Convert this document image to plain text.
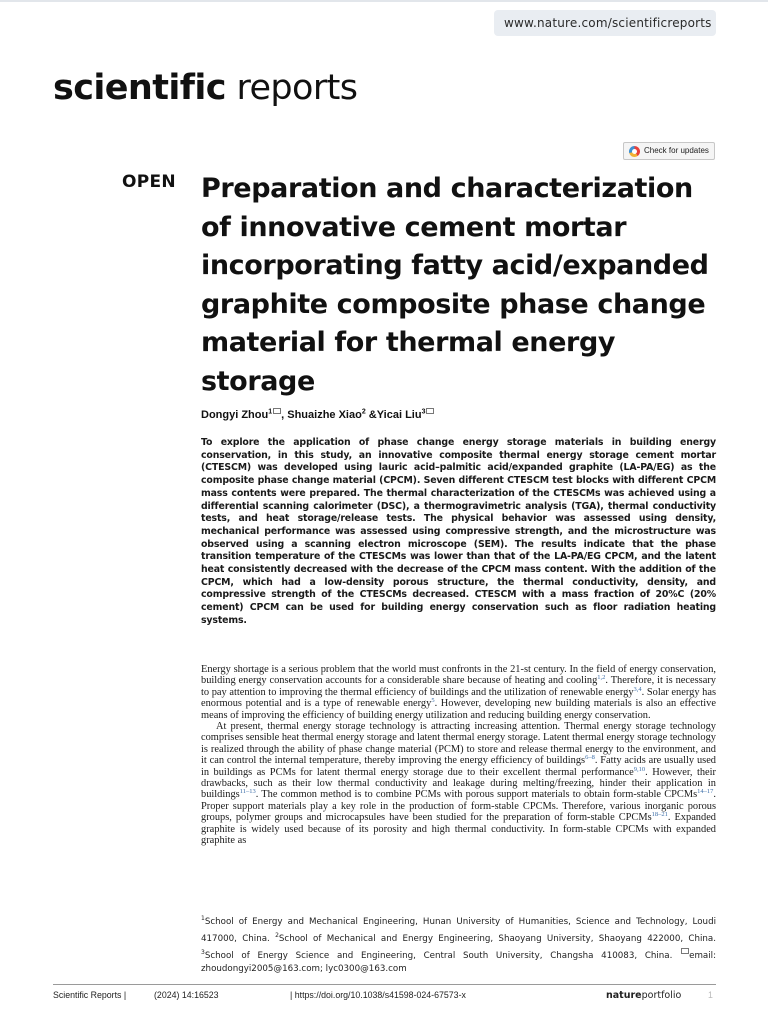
www.nature.com/scientificreports
scientific reports
Check for updates
OPEN Preparation and characterization
of innovative cement mortar
incorporating fatty acid/expanded
graphite composite phase change
material for thermal energy
storage
Dongyi Zhou$^1$ , Shuaizhe Xiao$^2$ &Yicai Liu$^3$
To explore the application of phase change energy storage materials in building energy conservation, in this study, an innovative composite thermal energy storage cement mortar (CTESCM) was developed using lauric acid–palmitic acid/expanded graphite (LA-PA/EG) as the composite phase change material (CPCM). Seven different CTESCM test blocks with different CPCM mass contents were prepared. The thermal characterization of the CTESCMs was achieved using a differential scanning calorimeter (DSC), a thermogravimetric analysis (TGA), thermal conductivity tests, and heat storage/release tests. The physical behavior was assessed using density, mechanical performance was assessed using compressive strength, and the microstructure was observed using a scanning electron microscope (SEM). The results indicate that the phase transition temperature of the CTESCMs was lower than that of the LA-PA/EG CPCM, and the latent heat consistently decreased with the decrease of the CPCM mass content. With the addition of the CPCM, which had a low-density porous structure, the thermal conductivity, density, and compressive strength of the CTESCMs decreased. CTESCM with a mass fraction of 20%C (20% cement) CPCM can be used for building energy conservation such as floor radiation heating systems.

Energy shortage is a serious problem that the world must confronts in the 21-st century. In the field of energy conservation, building energy conservation accounts for a considerable share because of heating and cooling$^{1,2}$. Therefore, it is necessary to pay attention to improving the thermal efficiency of buildings and the utilization of renewable energy$^{3,4}$. Solar energy has enormous potential and is a type of renewable energy$^5$. However, developing new building materials is also an effective means of improving the efficiency of building energy utilization and reducing building energy conservation.

At present, thermal energy storage technology is attracting increasing attention. Thermal energy storage technology comprises sensible heat thermal energy storage and latent thermal energy storage. Latent thermal energy storage technology is realized through the ability of phase change material (PCM) to store and release thermal energy to the environment, and it can control the internal temperature, thereby improving the energy efficiency of buildings$^{6-8}$. Fatty acids are usually used in buildings as PCMs for latent thermal energy storage due to their excellent thermal performance$^{9,10}$. However, their drawbacks, such as their low thermal conductivity and leakage during melting/freezing, hinder their application in buildings$^{11-13}$. The common method is to combine PCMs with porous support materials to obtain form-stable CPCMs$^{14-17}$. Proper support materials play a key role in the production of form-stable CPCMs. Therefore, various inorganic porous groups, polymer groups and microcapsules have been studied for the preparation of form-stable CPCMs$^{18-21}$. Expanded graphite is widely used because of its porosity and high thermal conductivity. In form-stable CPCMs with expanded graphite as

$^1$School of Energy and Mechanical Engineering, Hunan University of Humanities, Science and Technology, Loudi 417000, China. $^2$School of Mechanical and Energy Engineering, Shaoyang University, Shaoyang 422000, China. $^3$School of Energy Science and Engineering, Central South University, Changsha 410083, China. email: zhoudongyi2005@163.com; lyc0300@163.com
Scientific Reports |	(2024) 14:16523	| https://doi.org/10.1038/s41598-024-67573-x	natureportfolio	1
